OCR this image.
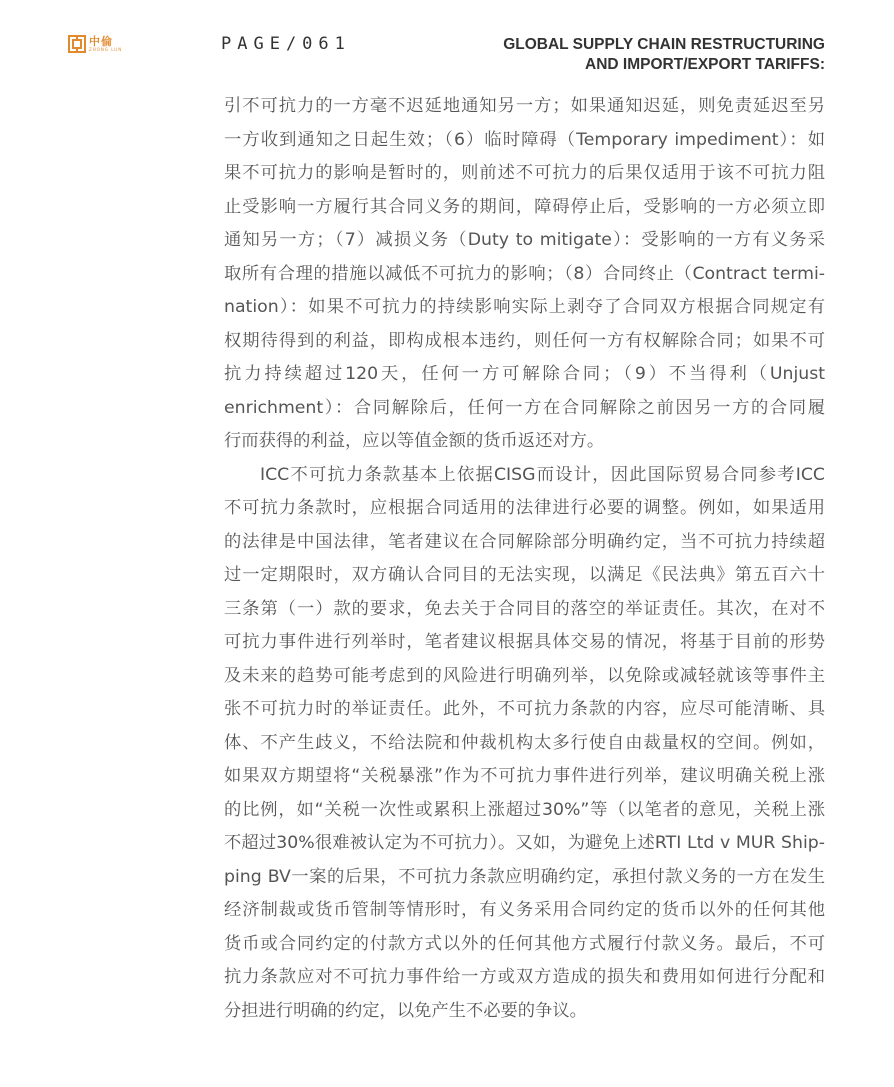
中倫
ZHONG LUN	PAGE/061	GLOBAL SUPPLY CHAIN RESTRUCTURING
AND IMPORT/EXPORT TARIFFS:
引不可抗力的一方毫不迟延地通知另一方；如果通知迟延，则免责延迟至另
一方收到通知之日起生效；（6）临时障碍（Temporary impediment）：如
果不可抗力的影响是暂时的，则前述不可抗力的后果仅适用于该不可抗力阻
止受影响一方履行其合同义务的期间，障碍停止后，受影响的一方必须立即
通知另一方；（7）减损义务（Duty to mitigate）：受影响的一方有义务采
取所有合理的措施以减低不可抗力的影响；（8）合同终止（Contract termi-
nation）：如果不可抗力的持续影响实际上剥夺了合同双方根据合同规定有
权期待得到的利益，即构成根本违约，则任何一方有权解除合同；如果不可
抗力持续超过120天，任何一方可解除合同；（9）不当得利（Unjust
enrichment）：合同解除后，任何一方在合同解除之前因另一方的合同履
行而获得的利益，应以等值金额的货币返还对方。
ICC不可抗力条款基本上依据CISG而设计，因此国际贸易合同参考ICC
不可抗力条款时，应根据合同适用的法律进行必要的调整。例如，如果适用
的法律是中国法律，笔者建议在合同解除部分明确约定，当不可抗力持续超
过一定期限时，双方确认合同目的无法实现，以满足《民法典》第五百六十
三条第（一）款的要求，免去关于合同目的落空的举证责任。其次，在对不
可抗力事件进行列举时，笔者建议根据具体交易的情况，将基于目前的形势
及未来的趋势可能考虑到的风险进行明确列举，以免除或减轻就该等事件主
张不可抗力时的举证责任。此外，不可抗力条款的内容，应尽可能清晰、具
体、不产生歧义，不给法院和仲裁机构太多行使自由裁量权的空间。例如，
如果双方期望将“关税暴涨”作为不可抗力事件进行列举，建议明确关税上涨
的比例，如“关税一次性或累积上涨超过30%”等（以笔者的意见，关税上涨
不超过30%很难被认定为不可抗力）。又如，为避免上述RTI Ltd v MUR Ship-
ping BV一案的后果，不可抗力条款应明确约定，承担付款义务的一方在发生
经济制裁或货币管制等情形时，有义务采用合同约定的货币以外的任何其他
货币或合同约定的付款方式以外的任何其他方式履行付款义务。最后，不可
抗力条款应对不可抗力事件给一方或双方造成的损失和费用如何进行分配和
分担进行明确的约定，以免产生不必要的争议。
